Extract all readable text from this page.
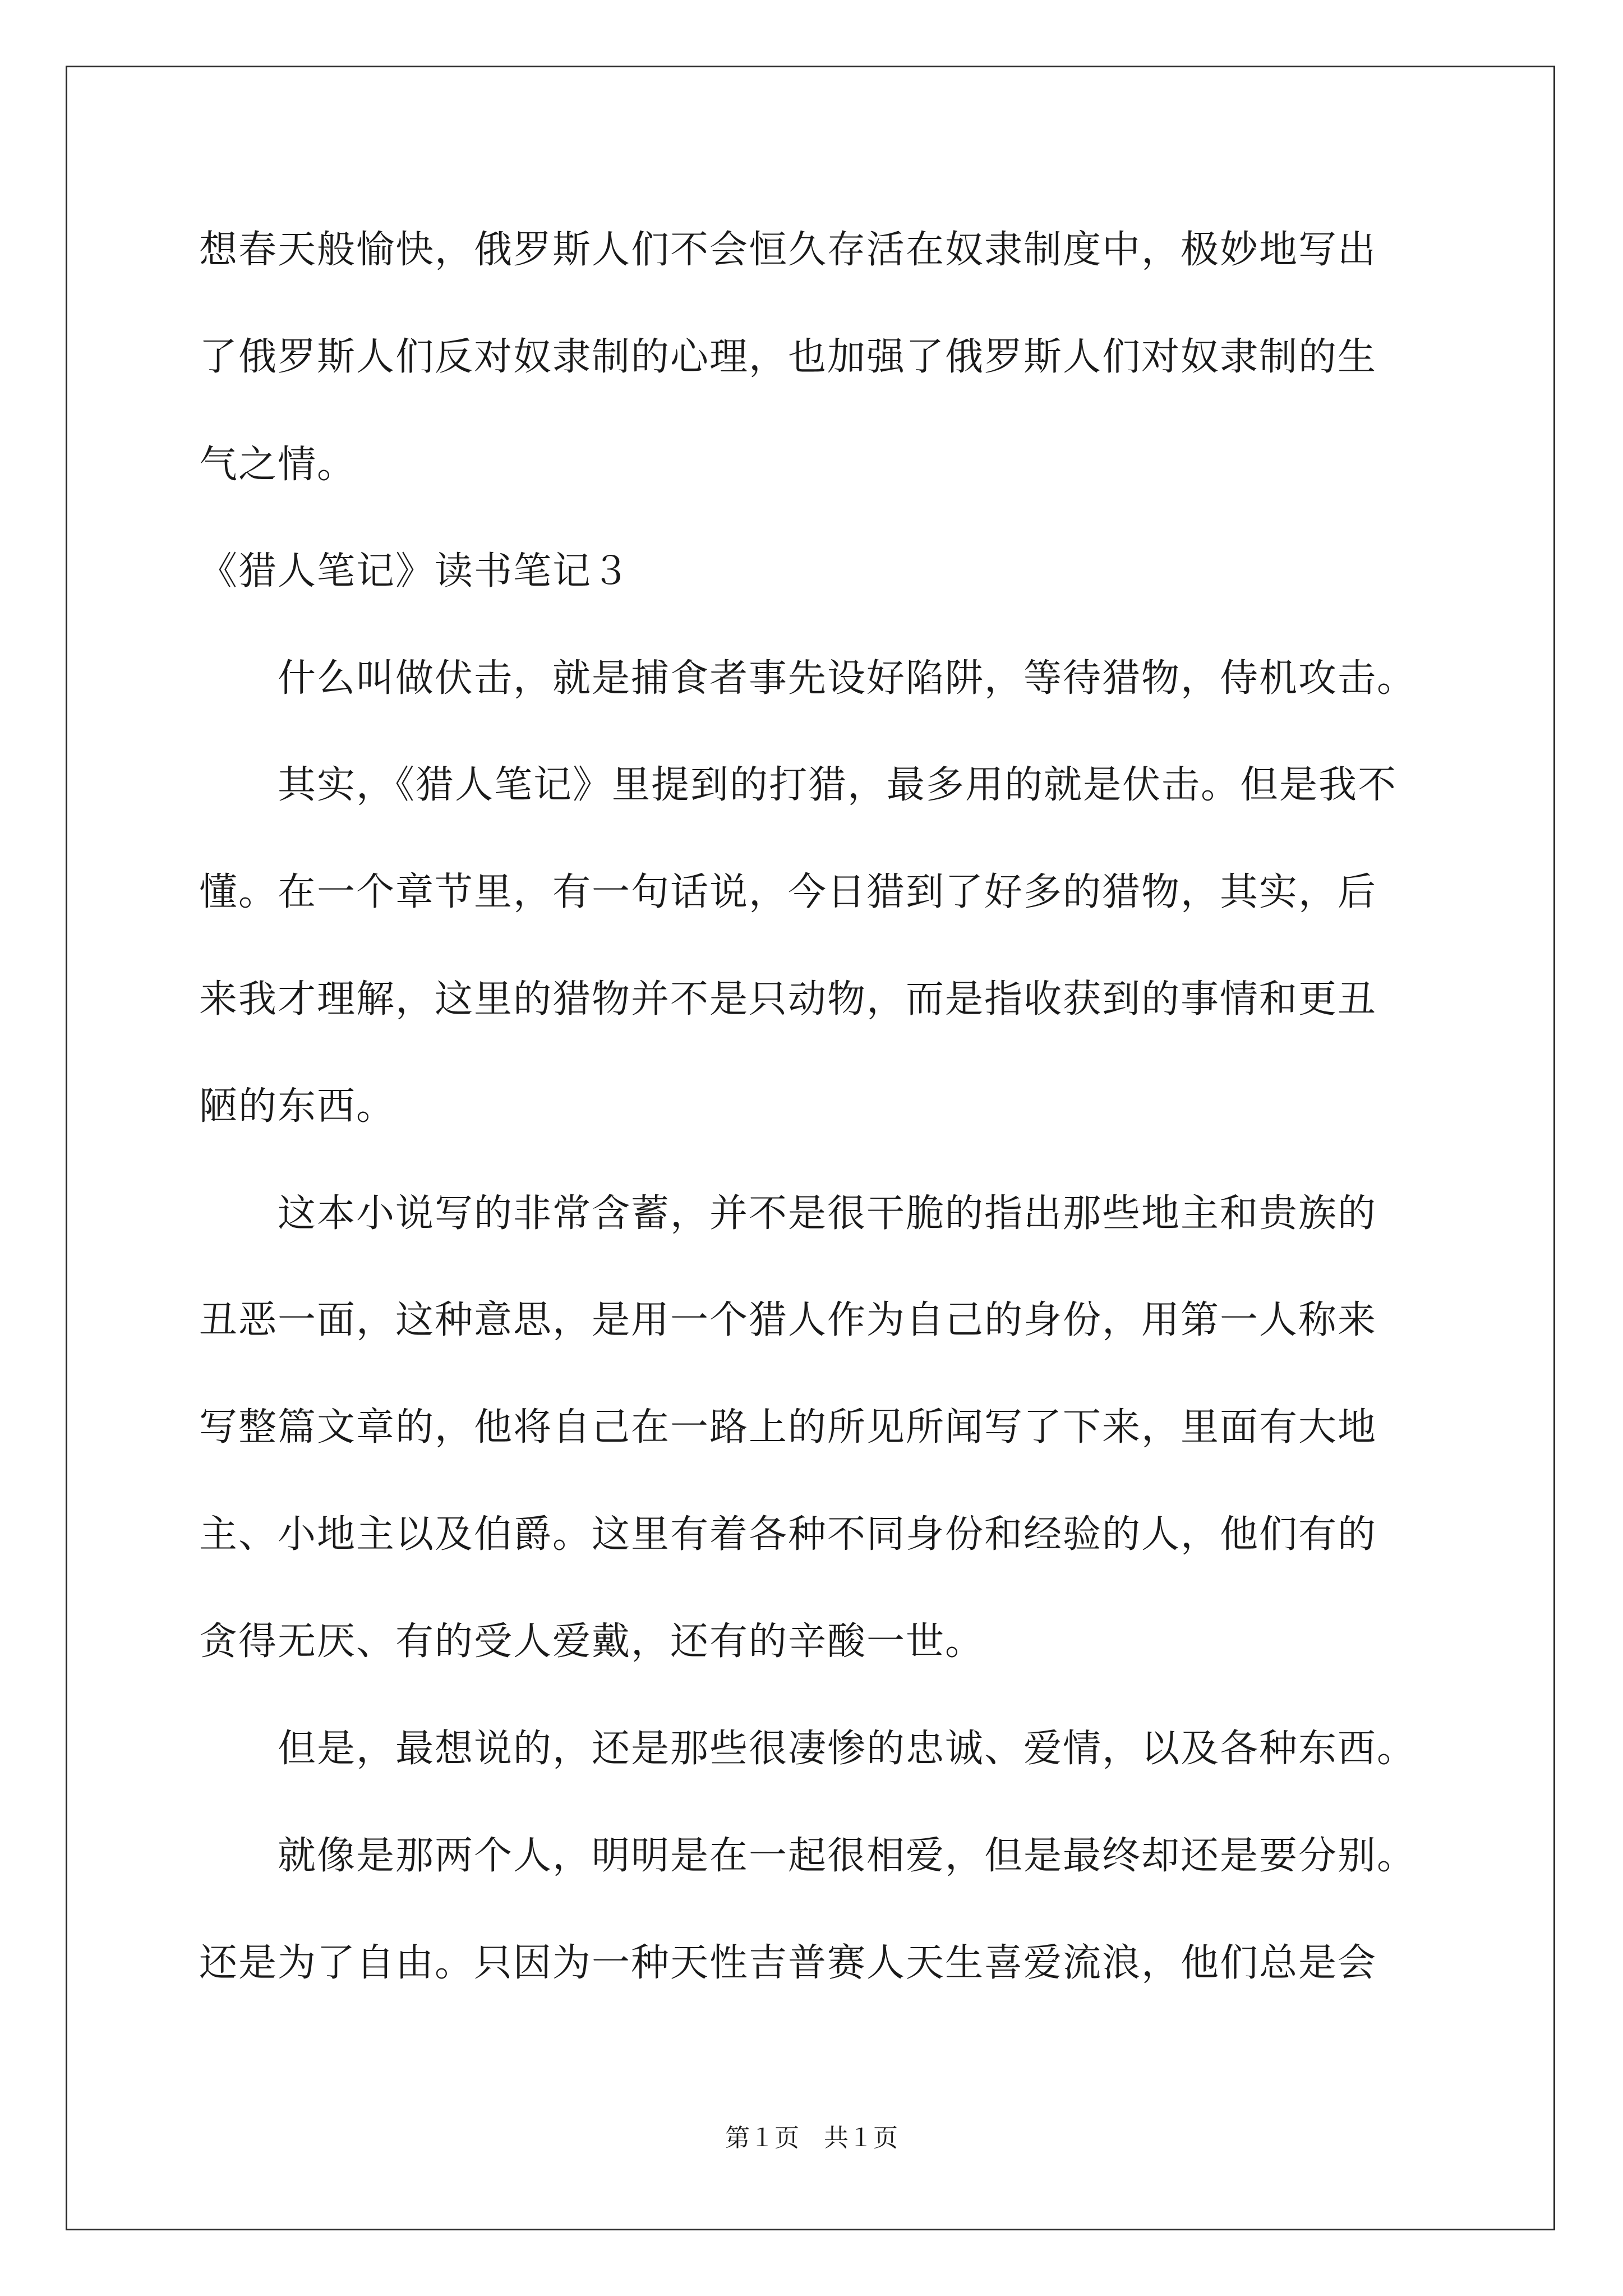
想春天般愉快，俄罗斯人们不会恒久存活在奴隶制度中，极妙地写出
了俄罗斯人们反对奴隶制的心理，也加强了俄罗斯人们对奴隶制的生
气之情。
《猎人笔记》读书笔记３
　　什么叫做伏击，就是捕食者事先设好陷阱，等待猎物，侍机攻击。
　　其实，《猎人笔记》里提到的打猎，最多用的就是伏击。但是我不
懂。在一个章节里，有一句话说，今日猎到了好多的猎物，其实，后
来我才理解，这里的猎物并不是只动物，而是指收获到的事情和更丑
陋的东西。
　　这本小说写的非常含蓄，并不是很干脆的指出那些地主和贵族的
丑恶一面，这种意思，是用一个猎人作为自己的身份，用第一人称来
写整篇文章的，他将自己在一路上的所见所闻写了下来，里面有大地
主、小地主以及伯爵。这里有着各种不同身份和经验的人，他们有的
贪得无厌、有的受人爱戴，还有的辛酸一世。
　　但是，最想说的，还是那些很凄惨的忠诚、爱情，以及各种东西。
　　就像是那两个人，明明是在一起很相爱，但是最终却还是要分别。
还是为了自由。只因为一种天性吉普赛人天生喜爱流浪，他们总是会
第１页 共１页
